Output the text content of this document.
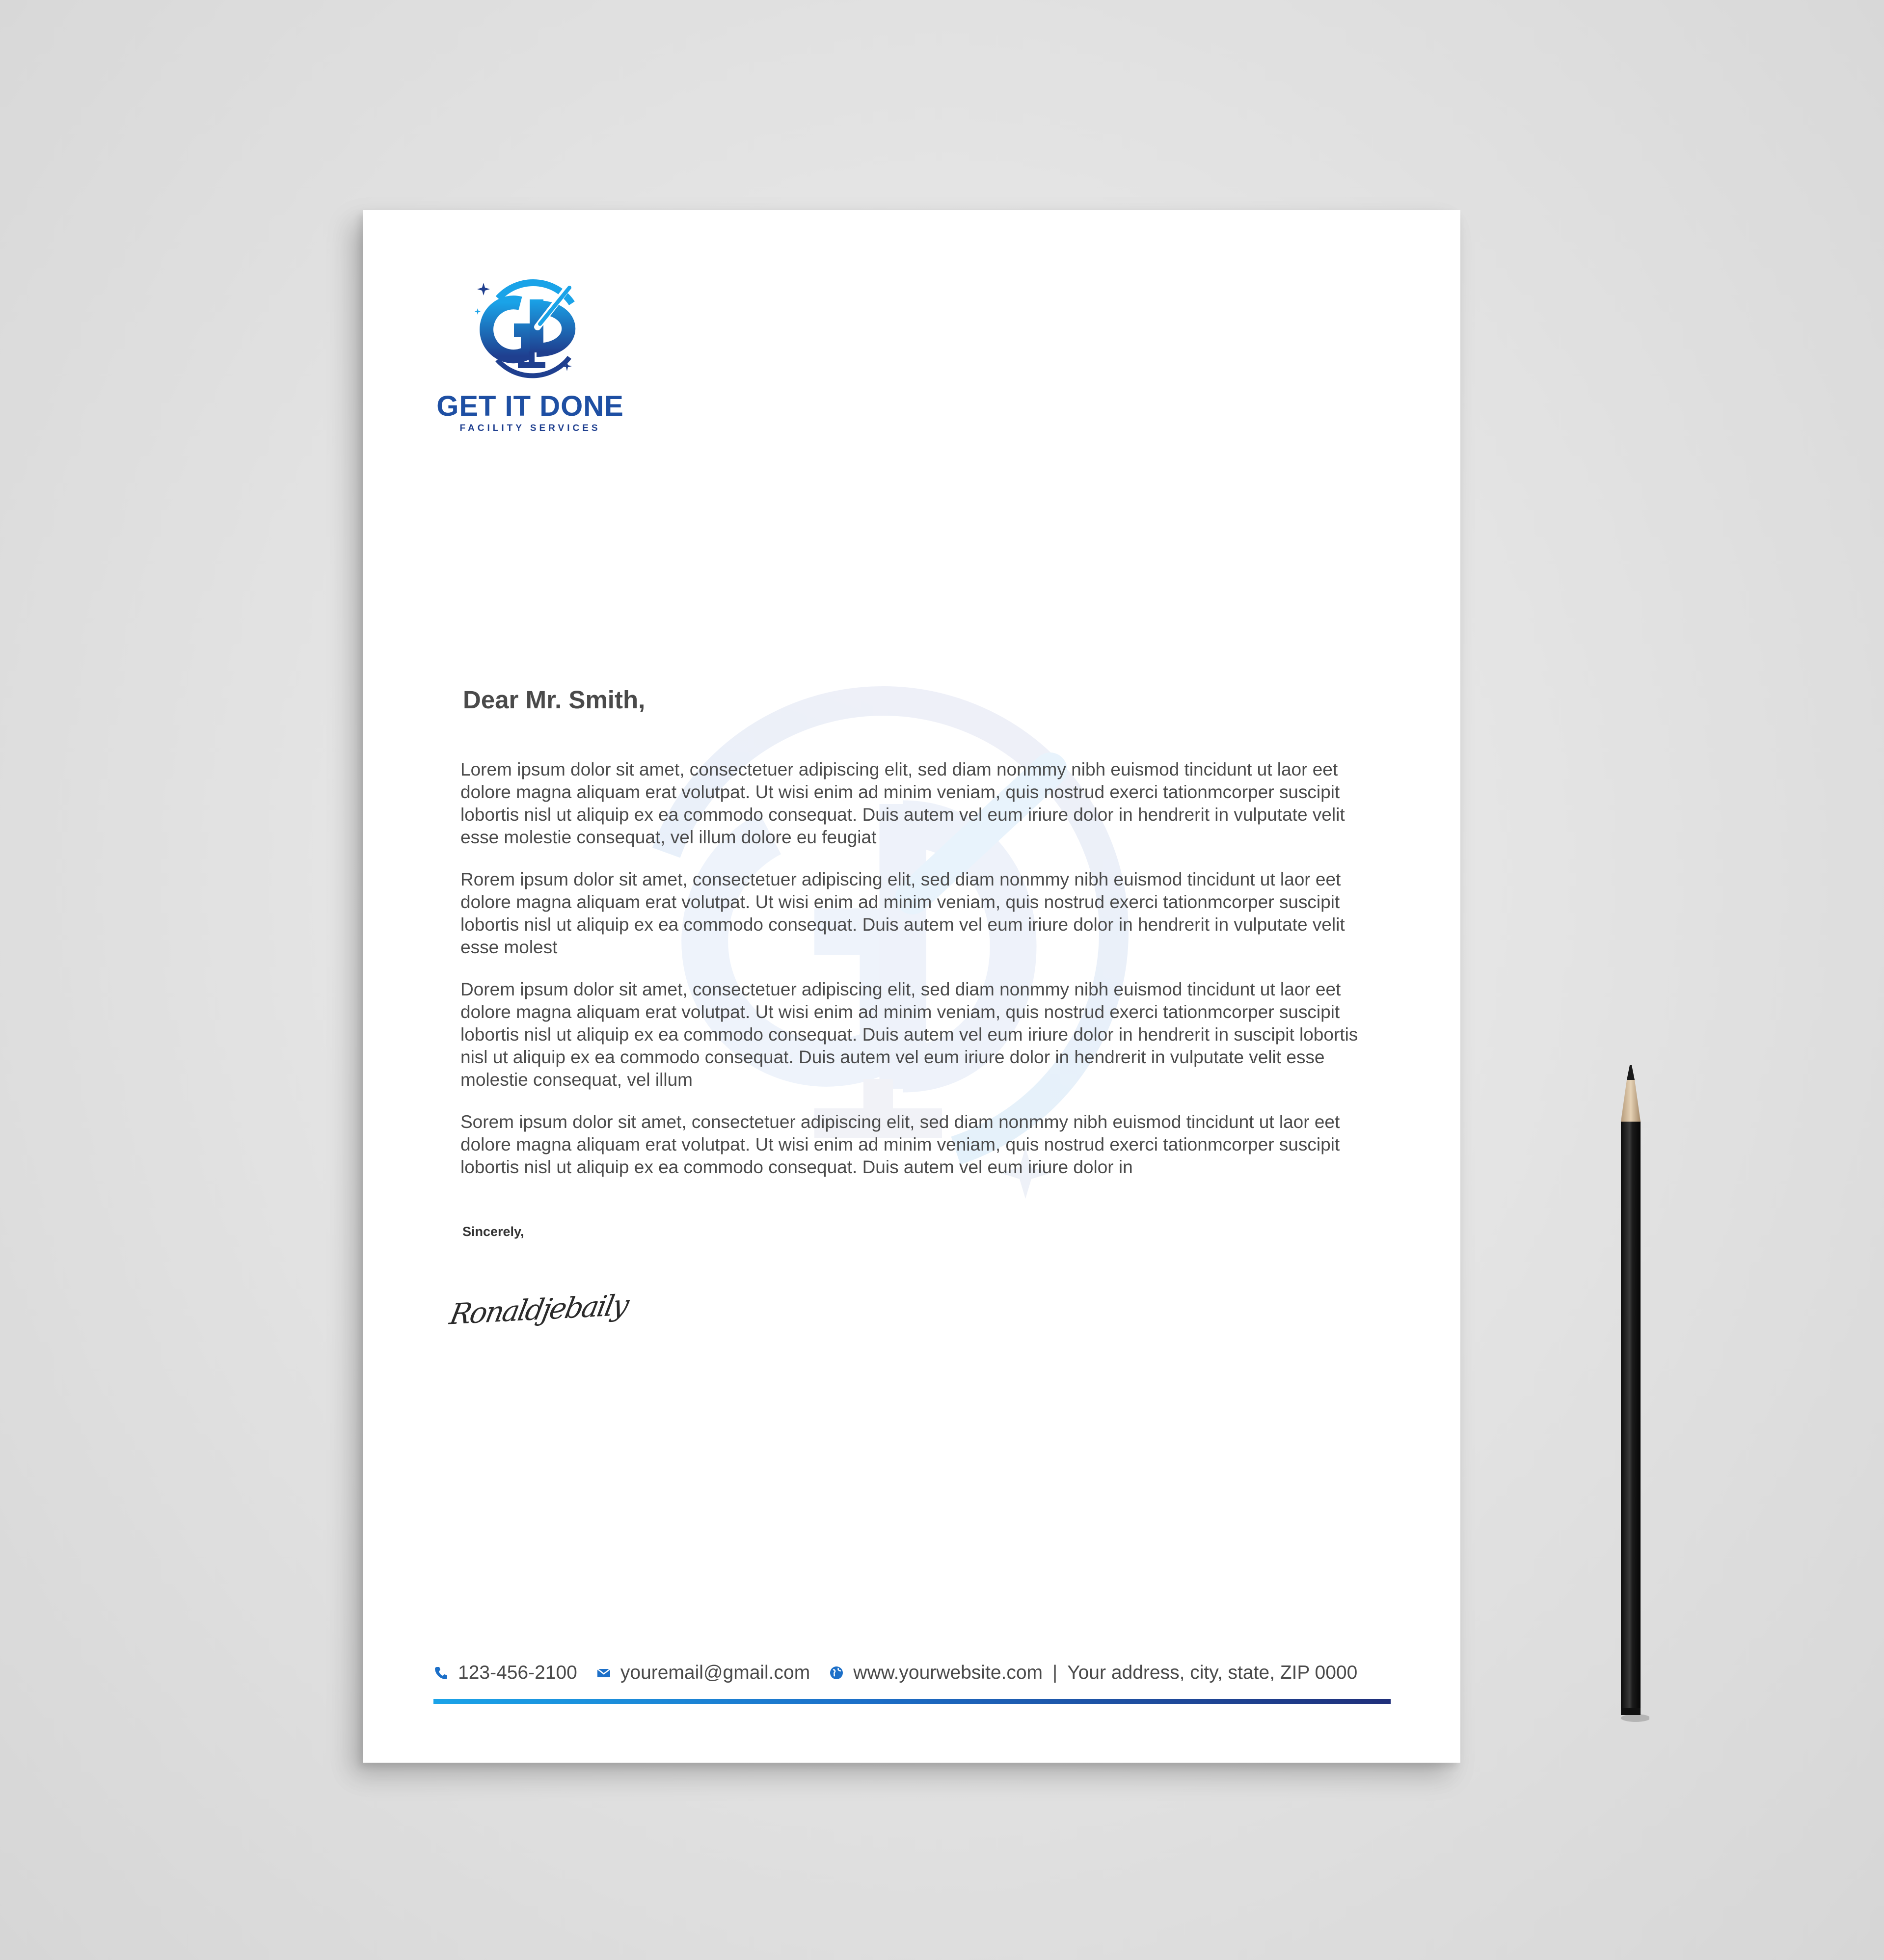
GET IT DONE
FACILITY SERVICES
Dear Mr. Smith,

Lorem ipsum dolor sit amet, consectetuer adipiscing elit, sed diam nonmmy nibh euismod tincidunt ut laor eet dolore magna aliquam erat volutpat. Ut wisi enim ad minim veniam, quis nostrud exerci tationmcorper suscipit lobortis nisl ut aliquip ex ea commodo consequat. Duis autem vel eum iriure dolor in hendrerit in vulputate velit esse molestie consequat, vel illum dolore eu feugiat

Rorem ipsum dolor sit amet, consectetuer adipiscing elit, sed diam nonmmy nibh euismod tincidunt ut laor eet dolore magna aliquam erat volutpat. Ut wisi enim ad minim veniam, quis nostrud exerci tationmcorper suscipit lobortis nisl ut aliquip ex ea commodo consequat. Duis autem vel eum iriure dolor in hendrerit in vulputate velit esse molest

Dorem ipsum dolor sit amet, consectetuer adipiscing elit, sed diam nonmmy nibh euismod tincidunt ut laor eet dolore magna aliquam erat volutpat. Ut wisi enim ad minim veniam, quis nostrud exerci tationmcorper suscipit lobortis nisl ut aliquip ex ea commodo consequat. Duis autem vel eum iriure dolor in hendrerit in suscipit lobortis nisl ut aliquip ex ea commodo consequat. Duis autem vel eum iriure dolor in hendrerit in vulputate velit esse molestie consequat, vel illum

Sorem ipsum dolor sit amet, consectetuer adipiscing elit, sed diam nonmmy nibh euismod tincidunt ut laor eet dolore magna aliquam erat volutpat. Ut wisi enim ad minim veniam, quis nostrud exerci tationmcorper suscipit lobortis nisl ut aliquip ex ea commodo consequat. Duis autem vel eum iriure dolor in

Sincerely,
Ronaldjebaily
123-456-2100 youremail@gmail.com www.yourwebsite.com | Your address, city, state, ZIP 0000
